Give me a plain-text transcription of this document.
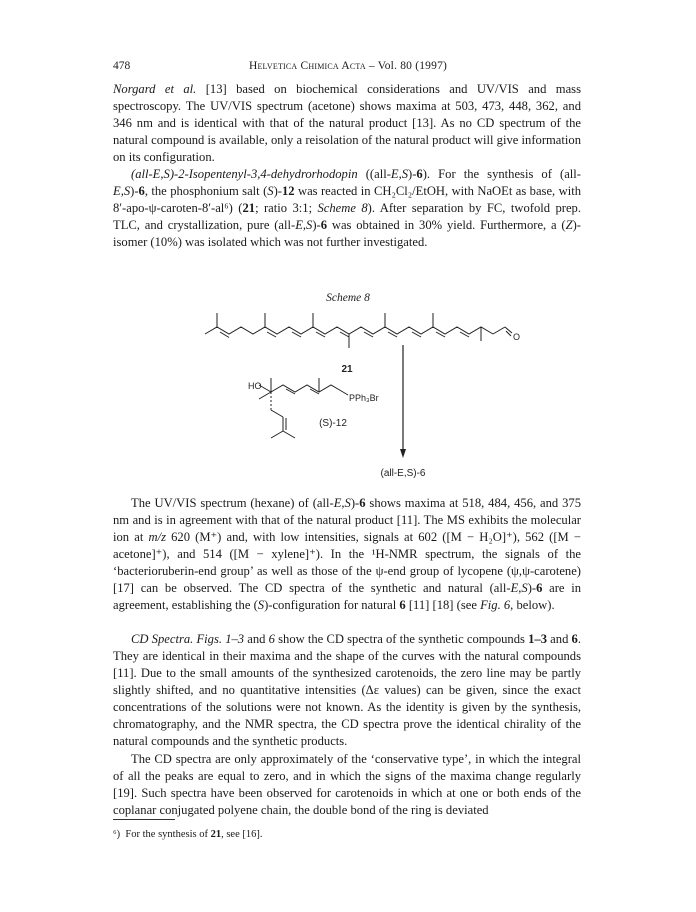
478	Helvetica Chimica Acta – Vol. 80 (1997)

Norgard et al. [13] based on biochemical considerations and UV/VIS and mass spectroscopy. The UV/VIS spectrum (acetone) shows maxima at 503, 473, 448, 362, and 346 nm and is identical with that of the natural product [13]. As no CD spectrum of the natural compound is available, only a reisolation of the natural product will give information on its configuration.

(all-E,S)-2-Isopentenyl-3,4-dehydrorhodopin ((all-E,S)-6). For the synthesis of (all-E,S)-6, the phosphonium salt (S)-12 was reacted in CH₂Cl₂/EtOH, with NaOEt as base, with 8′-apo-ψ-caroten-8′-al⁶) (21; ratio 3:1; Scheme 8). After separation by FC, twofold prep. TLC, and crystallization, pure (all-E,S)-6 was obtained in 30% yield. Furthermore, a (Z)-isomer (10%) was isolated which was not further investigated.

Scheme 8
O
21
HO
PPh₃Br
(S)-12
(all-E,S)-6

The UV/VIS spectrum (hexane) of (all-E,S)-6 shows maxima at 518, 484, 456, and 375 nm and is in agreement with that of the natural product [11]. The MS exhibits the molecular ion at m/z 620 (M⁺) and, with low intensities, signals at 602 ([M − H₂O]⁺), 562 ([M − acetone]⁺), and 514 ([M − xylene]⁺). In the ¹H-NMR spectrum, the signals of the ‘bacterioruberin-end group’ as well as those of the ψ-end group of lycopene (ψ,ψ-carotene) [17] can be observed. The CD spectra of the synthetic and natural (all-E,S)-6 are in agreement, establishing the (S)-configuration for natural 6 [11] [18] (see Fig. 6, below).

CD Spectra. Figs. 1–3 and 6 show the CD spectra of the synthetic compounds 1–3 and 6. They are identical in their maxima and the shape of the curves with the natural compounds [11]. Due to the small amounts of the synthesized carotenoids, the zero line may be partly slightly shifted, and no quantitative intensities (Δε values) can be given, since the exact concentrations of the solutions were not known. As the identity is given by the synthesis, chromatography, and the NMR spectra, the CD spectra prove the identical chirality of the natural compounds and the synthetic products.

The CD spectra are only approximately of the ‘conservative type’, in which the integral of all the peaks are equal to zero, and in which the signs of the maxima change regularly [19]. Such spectra have been observed for carotenoids in which at one or both ends of the coplanar conjugated polyene chain, the double bond of the ring is deviated

⁶) For the synthesis of 21, see [16].
